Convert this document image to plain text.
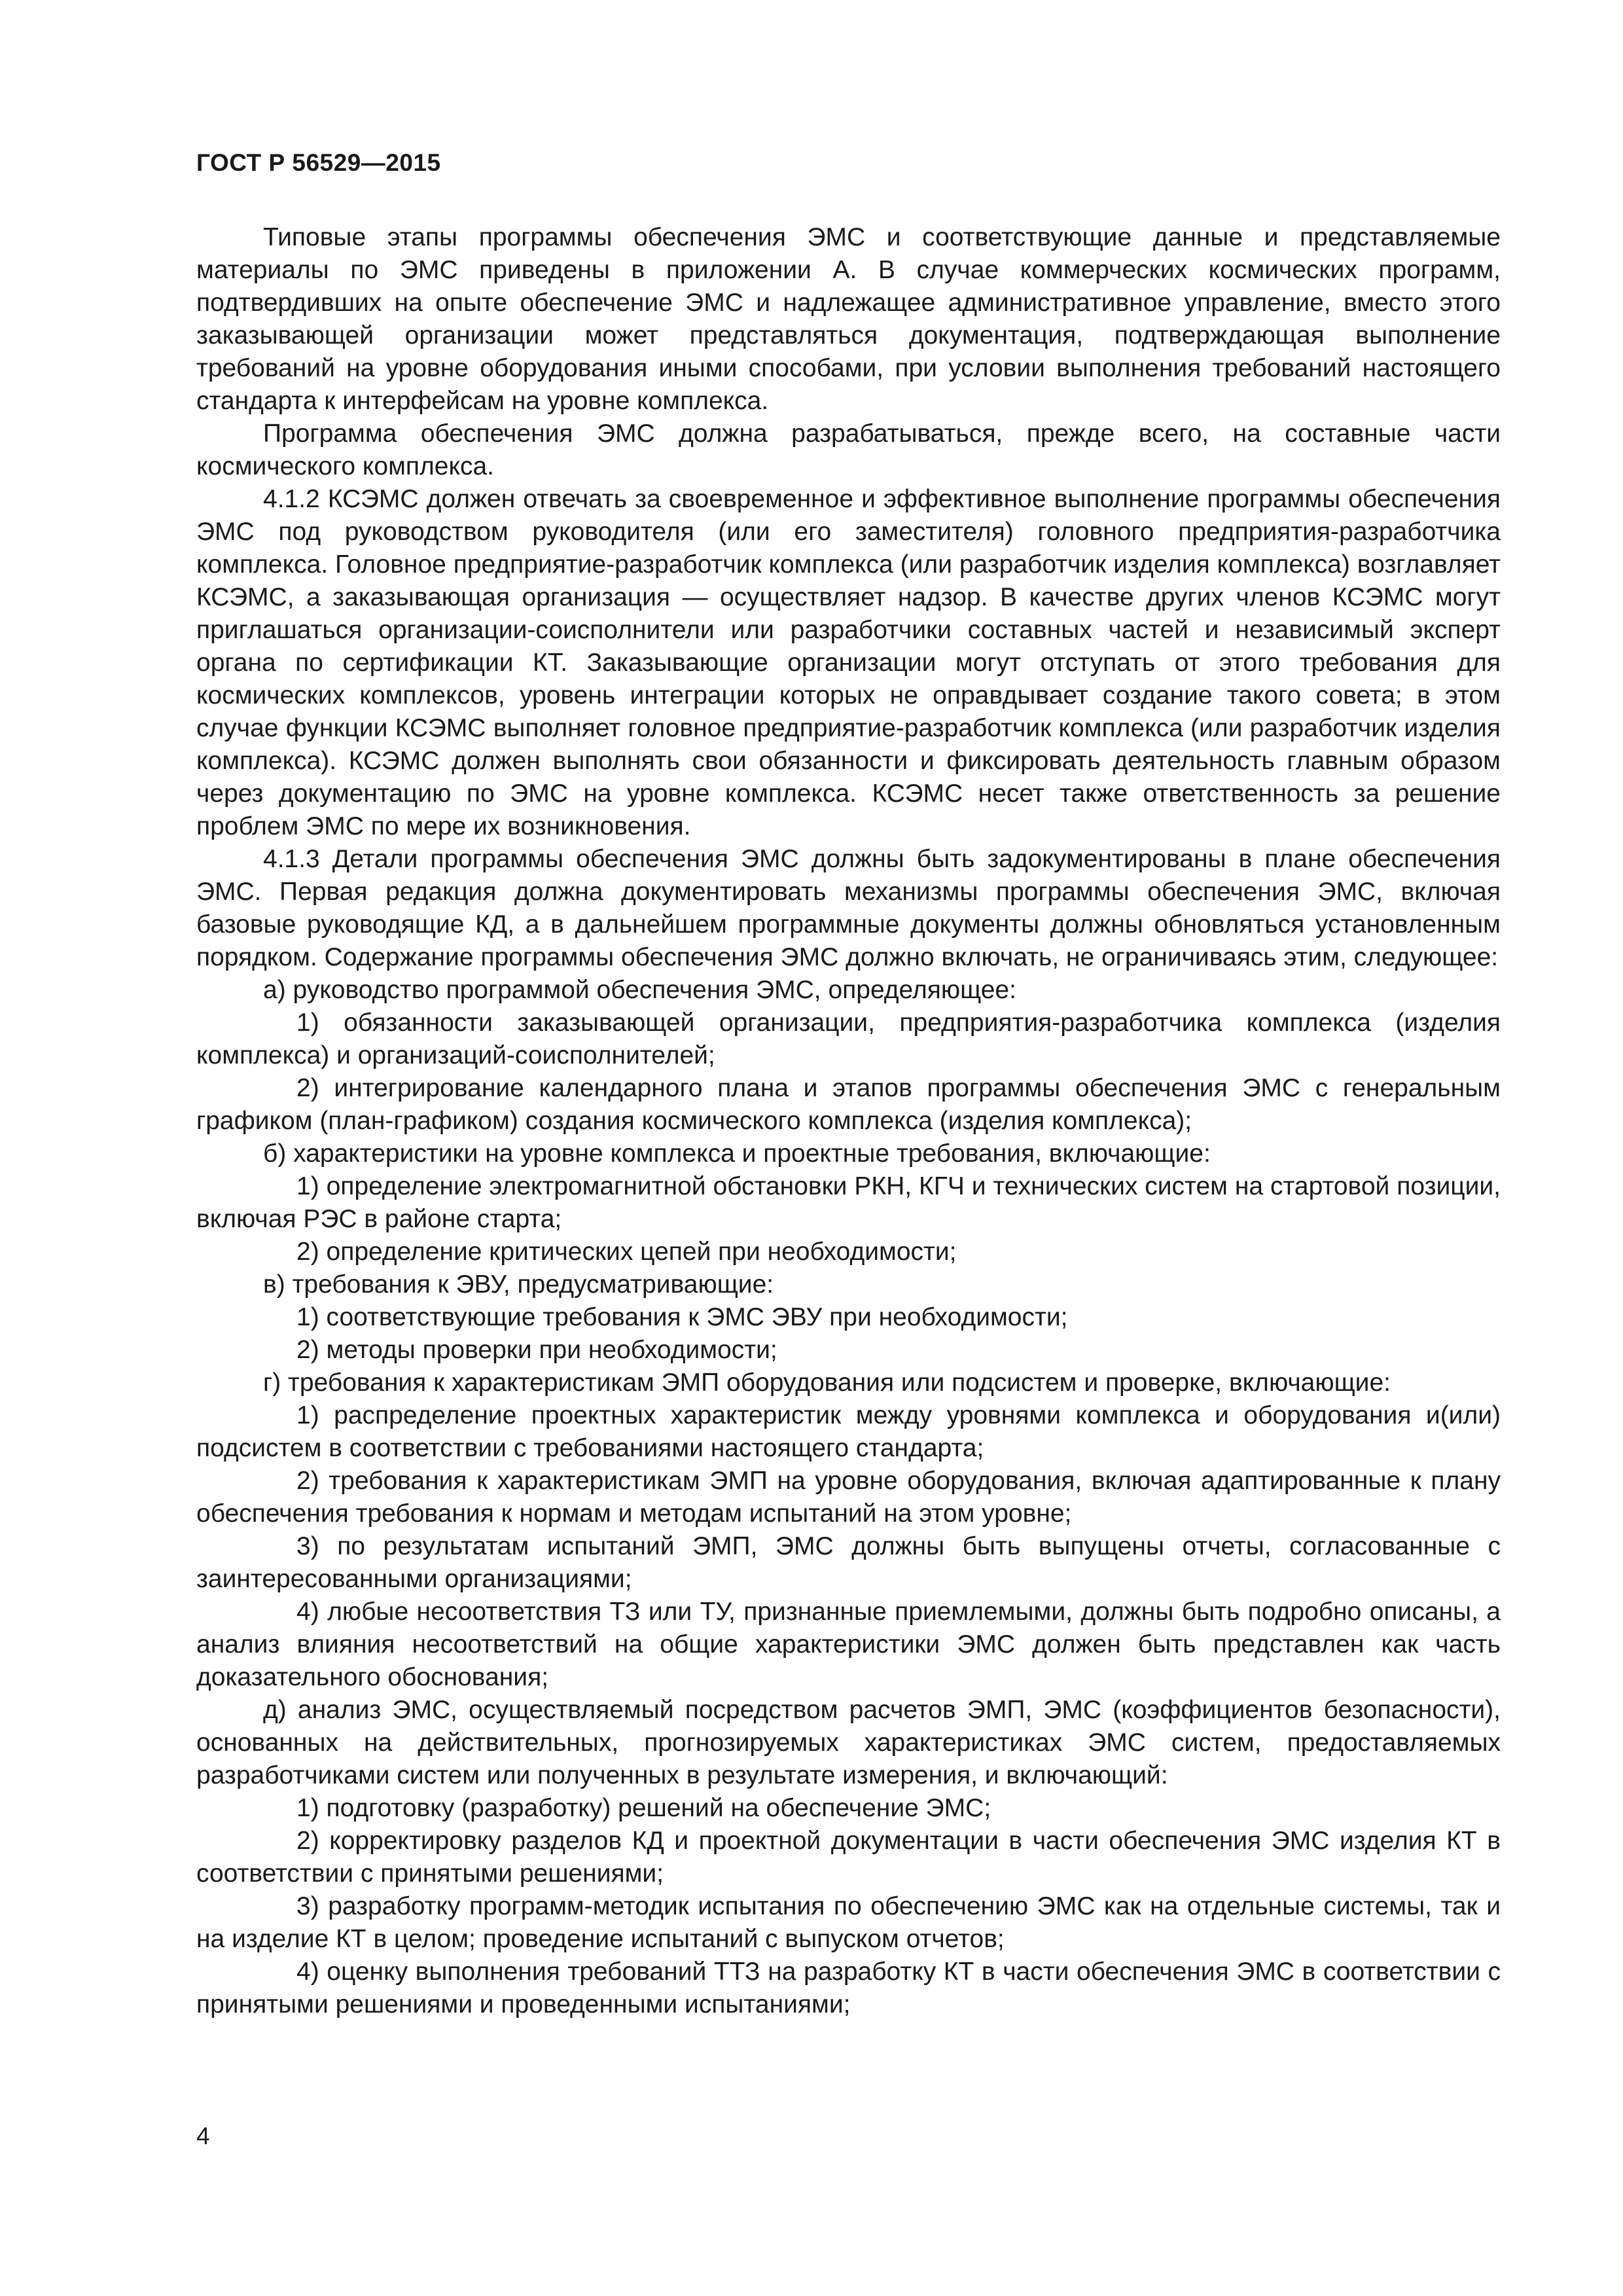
ГОСТ Р 56529—2015

Типовые этапы программы обеспечения ЭМС и соответствующие данные и представляемые материалы по ЭМС приведены в приложении А. В случае коммерческих космических программ, подтвердивших на опыте обеспечение ЭМС и надлежащее административное управление, вместо этого заказывающей организации может представляться документация, подтверждающая выполнение требований на уровне оборудования иными способами, при условии выполнения требований настоящего стандарта к интерфейсам на уровне комплекса.

Программа обеспечения ЭМС должна разрабатываться, прежде всего, на составные части космического комплекса.

4.1.2 КСЭМС должен отвечать за своевременное и эффективное выполнение программы обеспечения ЭМС под руководством руководителя (или его заместителя) головного предприятия-разработчика комплекса. Головное предприятие-разработчик комплекса (или разработчик изделия комплекса) возглавляет КСЭМС, а заказывающая организация — осуществляет надзор. В качестве других членов КСЭМС могут приглашаться организации-соисполнители или разработчики составных частей и независимый эксперт органа по сертификации КТ. Заказывающие организации могут отступать от этого требования для космических комплексов, уровень интеграции которых не оправдывает создание такого совета; в этом случае функции КСЭМС выполняет головное предприятие-разработчик комплекса (или разработчик изделия комплекса). КСЭМС должен выполнять свои обязанности и фиксировать деятельность главным образом через документацию по ЭМС на уровне комплекса. КСЭМС несет также ответственность за решение проблем ЭМС по мере их возникновения.

4.1.3 Детали программы обеспечения ЭМС должны быть задокументированы в плане обеспечения ЭМС. Первая редакция должна документировать механизмы программы обеспечения ЭМС, включая базовые руководящие КД, а в дальнейшем программные документы должны обновляться установленным порядком. Содержание программы обеспечения ЭМС должно включать, не ограничиваясь этим, следующее:

а) руководство программой обеспечения ЭМС, определяющее:

1) обязанности заказывающей организации, предприятия-разработчика комплекса (изделия комплекса) и организаций-соисполнителей;

2) интегрирование календарного плана и этапов программы обеспечения ЭМС с генеральным графиком (план-графиком) создания космического комплекса (изделия комплекса);

б) характеристики на уровне комплекса и проектные требования, включающие:

1) определение электромагнитной обстановки РКН, КГЧ и технических систем на стартовой позиции, включая РЭС в районе старта;

2) определение критических цепей при необходимости;

в) требования к ЭВУ, предусматривающие:

1) соответствующие требования к ЭМС ЭВУ при необходимости;

2) методы проверки при необходимости;

г) требования к характеристикам ЭМП оборудования или подсистем и проверке, включающие:

1) распределение проектных характеристик между уровнями комплекса и оборудования и(или) подсистем в соответствии с требованиями настоящего стандарта;

2) требования к характеристикам ЭМП на уровне оборудования, включая адаптированные к плану обеспечения требования к нормам и методам испытаний на этом уровне;

3) по результатам испытаний ЭМП, ЭМС должны быть выпущены отчеты, согласованные с заинтересованными организациями;

4) любые несоответствия ТЗ или ТУ, признанные приемлемыми, должны быть подробно описаны, а анализ влияния несоответствий на общие характеристики ЭМС должен быть представлен как часть доказательного обоснования;

д) анализ ЭМС, осуществляемый посредством расчетов ЭМП, ЭМС (коэффициентов безопасности), основанных на действительных, прогнозируемых характеристиках ЭМС систем, предоставляемых разработчиками систем или полученных в результате измерения, и включающий:

1) подготовку (разработку) решений на обеспечение ЭМС;

2) корректировку разделов КД и проектной документации в части обеспечения ЭМС изделия КТ в соответствии с принятыми решениями;

3) разработку программ-методик испытания по обеспечению ЭМС как на отдельные системы, так и на изделие КТ в целом; проведение испытаний с выпуском отчетов;

4) оценку выполнения требований ТТЗ на разработку КТ в части обеспечения ЭМС в соответствии с принятыми решениями и проведенными испытаниями;

4
